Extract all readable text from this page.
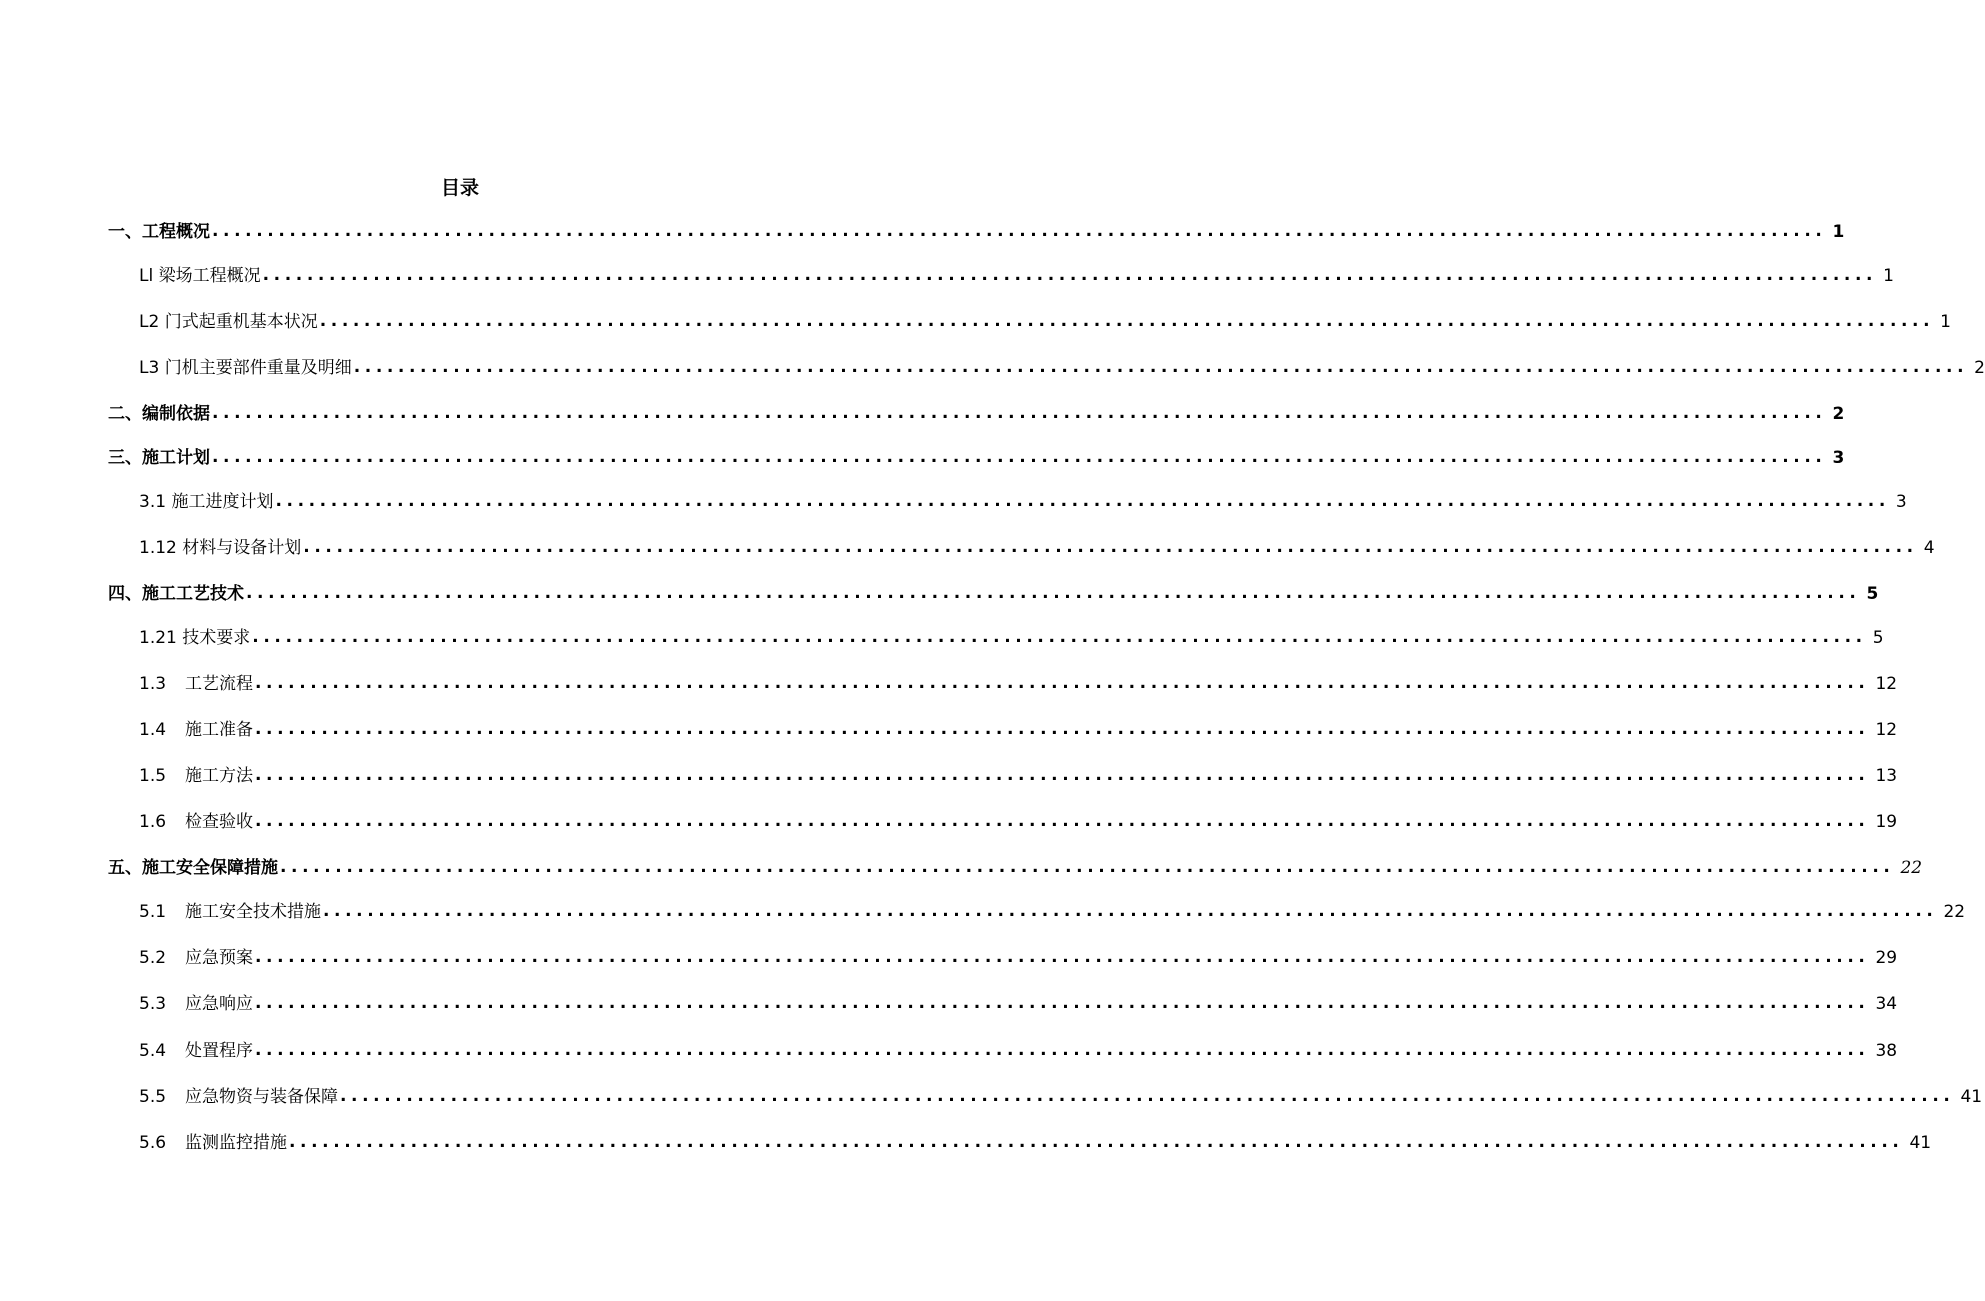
目录
一、 工程概况 .................................................................................................................................................. 1
Ll 梁场工程概况 .................................................................................................................................................. 1
L2 门式起重机基本状况 .................................................................................................................................................. 1
L3 门机主要部件重量及明细 .................................................................................................................................................. 2
二、 编制依据 .................................................................................................................................................. 2
三、 施工计划 .................................................................................................................................................. 3
3.1 施工进度计划 .................................................................................................................................................. 3
1.12 材料与设备计划 .................................................................................................................................................. 4
四、 施工工艺技术 .................................................................................................................................................. 5
1.21 技术要求 .................................................................................................................................................. 5
1.3	工艺流程 .................................................................................................................................................. 12
1.4	施工准备 .................................................................................................................................................. 12
1.5	施工方法 .................................................................................................................................................. 13
1.6	检查验收 .................................................................................................................................................. 19
五、 施工安全保障措施 .................................................................................................................................................. 22
5.1	施工安全技术措施 .................................................................................................................................................. 22
5.2	应急预案 .................................................................................................................................................. 29
5.3	应急响应 .................................................................................................................................................. 34
5.4	处置程序 .................................................................................................................................................. 38
5.5	应急物资与装备保障 .................................................................................................................................................. 41
5.6	监测监控措施 .................................................................................................................................................. 41
